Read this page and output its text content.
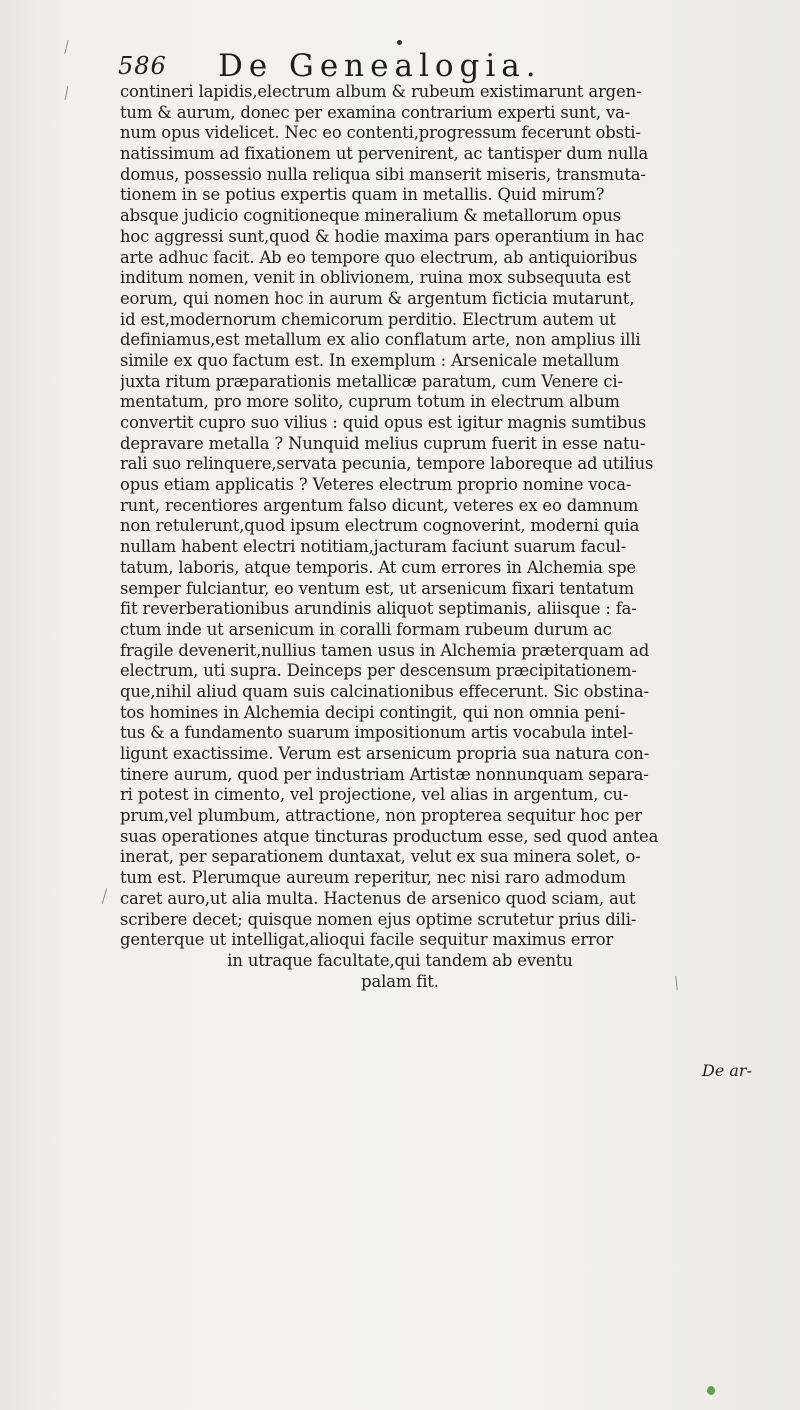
586 De Genealogia.
contineri lapidis,electrum album & rubeum existimarunt argen-
tum & aurum, donec per examina contrarium experti sunt, va-
num opus videlicet. Nec eo contenti,progressum fecerunt obsti-
natissimum ad fixationem ut pervenirent, ac tantisper dum nulla
domus, possessio nulla reliqua sibi manserit miseris, transmuta-
tionem in se potius expertis quam in metallis. Quid mirum?
absque judicio cognitioneque mineralium & metallorum opus
hoc aggressi sunt,quod & hodie maxima pars operantium in hac
arte adhuc facit. Ab eo tempore quo electrum, ab antiquioribus
inditum nomen, venit in oblivionem, ruina mox subsequuta est
eorum, qui nomen hoc in aurum & argentum ficticia mutarunt,
id est,modernorum chemicorum perditio. Electrum autem ut
definiamus,est metallum ex alio conflatum arte, non amplius illi
simile ex quo factum est. In exemplum : Arsenicale metallum
juxta ritum præparationis metallicæ paratum, cum Venere ci-
mentatum, pro more solito, cuprum totum in electrum album
convertit cupro suo vilius : quid opus est igitur magnis sumtibus
depravare metalla ? Nunquid melius cuprum fuerit in esse natu-
rali suo relinquere,servata pecunia, tempore laboreque ad utilius
opus etiam applicatis ? Veteres electrum proprio nomine voca-
runt, recentiores argentum falso dicunt, veteres ex eo damnum
non retulerunt,quod ipsum electrum cognoverint, moderni quia
nullam habent electri notitiam,jacturam faciunt suarum facul-
tatum, laboris, atque temporis. At cum errores in Alchemia spe
semper fulciantur, eo ventum est, ut arsenicum fixari tentatum
fit reverberationibus arundinis aliquot septimanis, aliisque : fa-
ctum inde ut arsenicum in coralli formam rubeum durum ac
fragile devenerit,nullius tamen usus in Alchemia præterquam ad
electrum, uti supra. Deinceps per descensum præcipitationem-
que,nihil aliud quam suis calcinationibus effecerunt. Sic obstina-
tos homines in Alchemia decipi contingit, qui non omnia peni-
tus & a fundamento suarum impositionum artis vocabula intel-
ligunt exactissime. Verum est arsenicum propria sua natura con-
tinere aurum, quod per industriam Artistæ nonnunquam separa-
ri potest in cimento, vel projectione, vel alias in argentum, cu-
prum,vel plumbum, attractione, non propterea sequitur hoc per
suas operationes atque tincturas productum esse, sed quod antea
inerat, per separationem duntaxat, velut ex sua minera solet, o-
tum est. Plerumque aureum reperitur, nec nisi raro admodum
caret auro,ut alia multa. Hactenus de arsenico quod sciam, aut
scribere decet; quisque nomen ejus optime scrutetur prius dili-
genterque ut intelligat,alioqui facile sequitur maximus error
in utraque facultate,qui tandem ab eventu
palam fit.
De ar-
